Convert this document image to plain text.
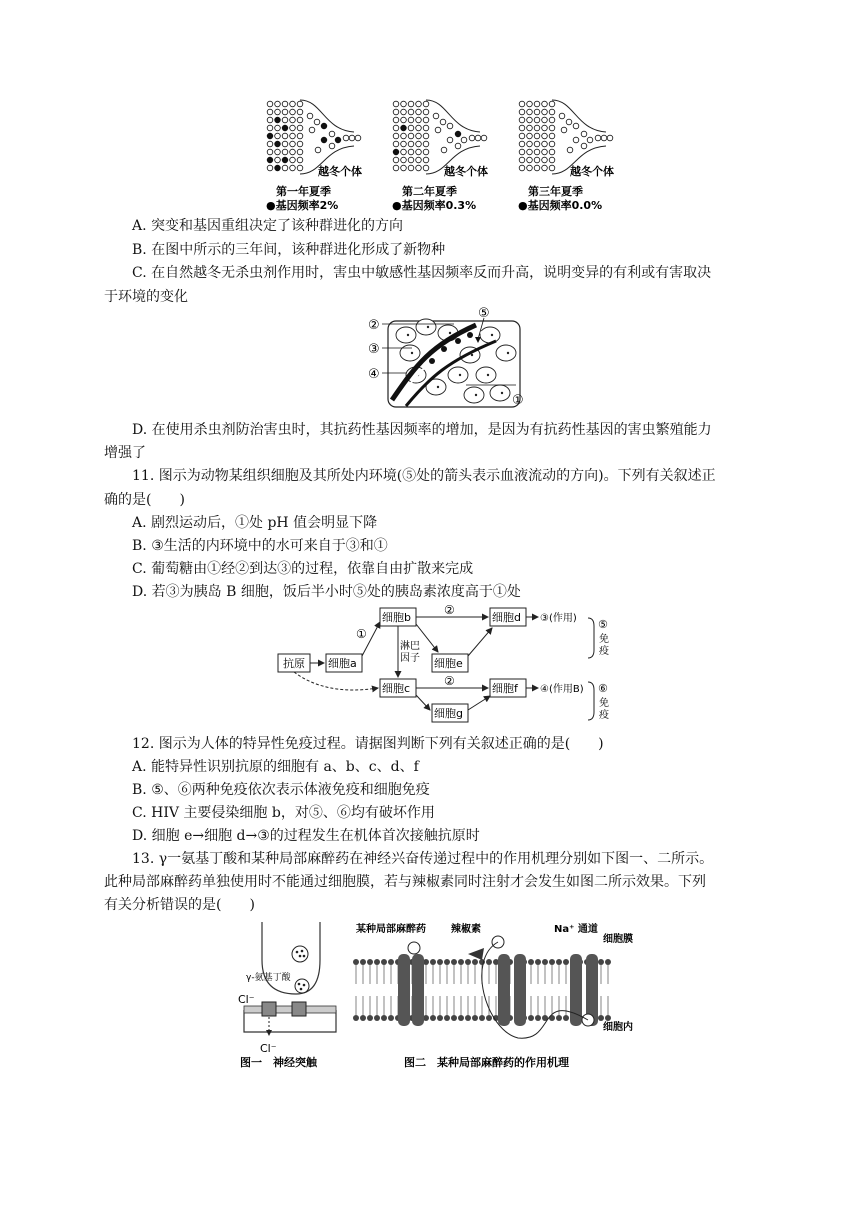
越冬个体
第一年夏季
●基因频率2%
越冬个体
第二年夏季
●基因频率0.3%
越冬个体
第三年夏季
●基因频率0.0%
A. 突变和基因重组决定了该种群进化的方向
B. 在图中所示的三年间，该种群进化形成了新物种
C. 在自然越冬无杀虫剂作用时，害虫中敏感性基因频率反而升高，说明变异的有利或有害取决
于环境的变化
②
③
④
⑤
①
D. 在使用杀虫剂防治害虫时，其抗药性基因频率的增加，是因为有抗药性基因的害虫繁殖能力
增强了
11. 图示为动物某组织细胞及其所处内环境(⑤处的箭头表示血液流动的方向)。下列有关叙述正
确的是(　　)
A. 剧烈运动后，①处 pH 值会明显下降
B. ③生活的内环境中的水可来自于③和①
C. 葡萄糖由①经②到达③的过程，依靠自由扩散来完成
D. 若③为胰岛 B 细胞，饭后半小时⑤处的胰岛素浓度高于①处
抗原 细胞a
细胞b
细胞c
细胞d
细胞e
细胞f
细胞g
①
②
淋巴
因子
②
③(作用)
④(作用B)
⑤
免
疫
⑥
免
疫
12. 图示为人体的特异性免疫过程。请据图判断下列有关叙述正确的是(　　)
A. 能特异性识别抗原的细胞有 a、b、c、d、f
B. ⑤、⑥两种免疫依次表示体液免疫和细胞免疫
C. HIV 主要侵染细胞 b，对⑤、⑥均有破坏作用
D. 细胞 e→细胞 d→③的过程发生在机体首次接触抗原时
13. γ一氨基丁酸和某种局部麻醉药在神经兴奋传递过程中的作用机理分别如下图一、二所示。
此种局部麻醉药单独使用时不能通过细胞膜，若与辣椒素同时注射才会发生如图二所示效果。下列
有关分析错误的是(　　)
γ-氨基丁酸
Cl⁻
Cl⁻
某种局部麻醉药	辣椒素	Na⁺ 通道
细胞膜
细胞内
图一　神经突触	图二　某种局部麻醉药的作用机理
